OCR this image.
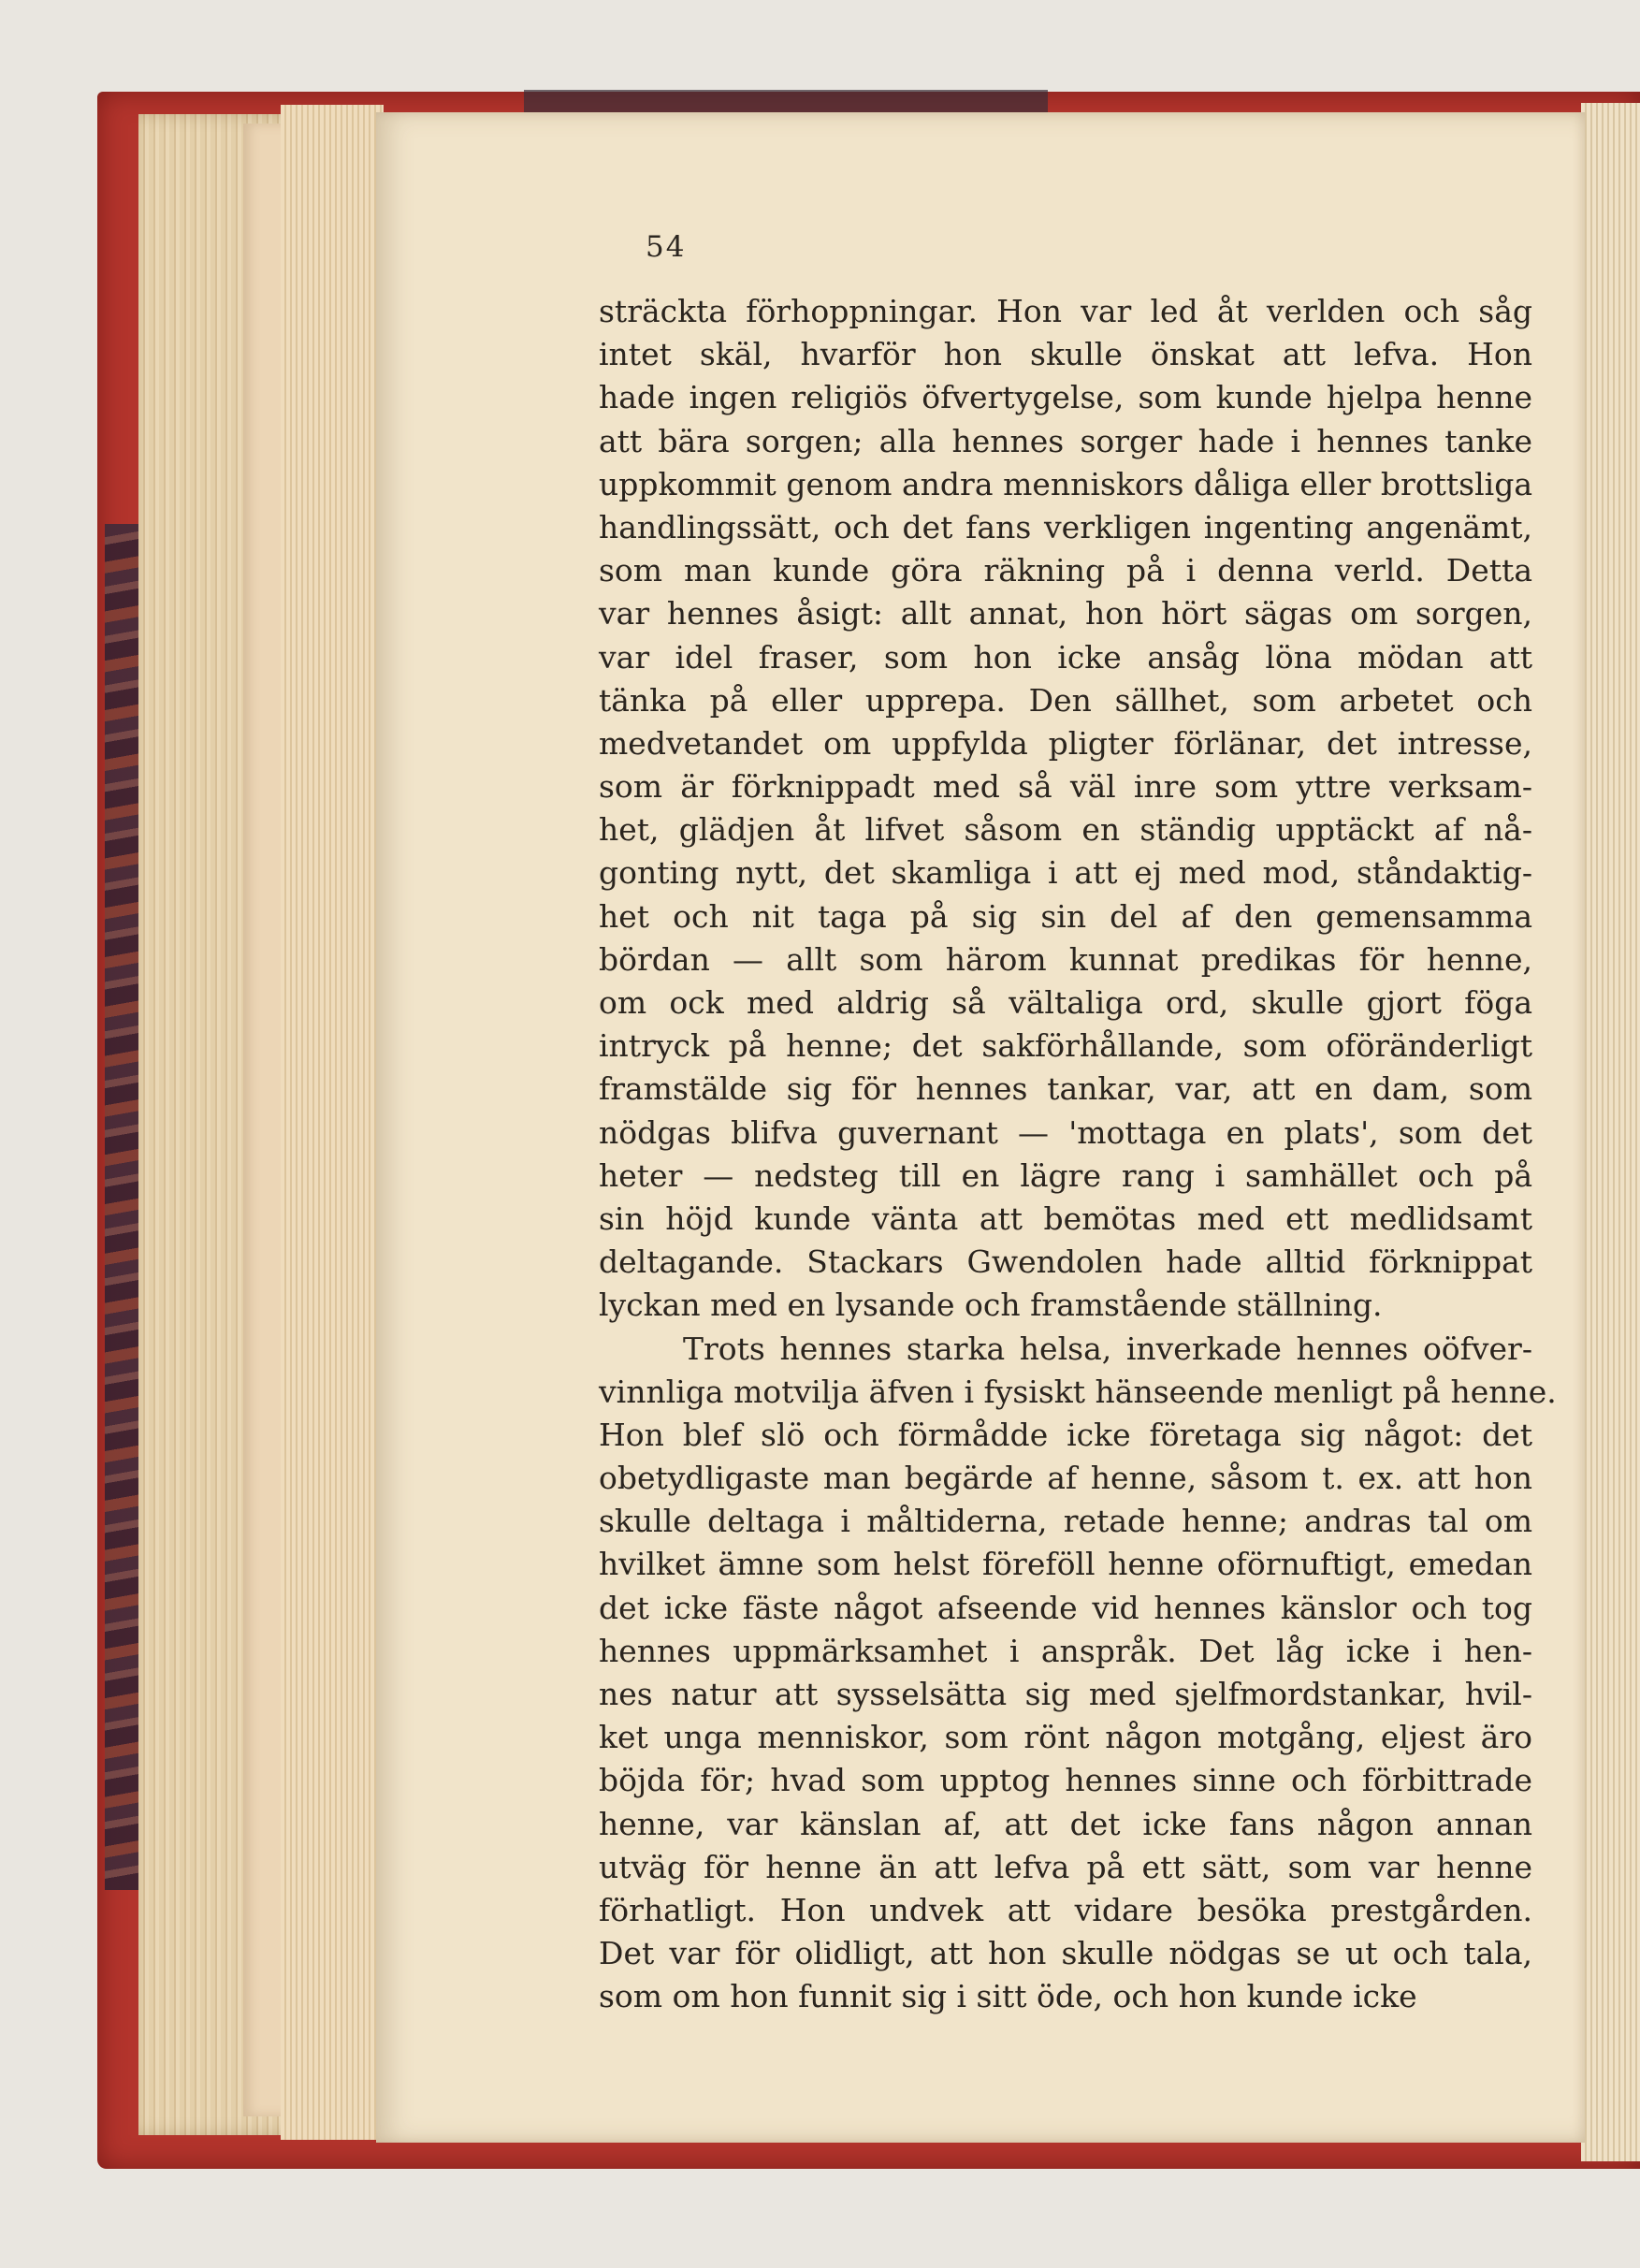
54
sträckta förhoppningar. Hon var led åt verlden och såg
intet skäl, hvarför hon skulle önskat att lefva. Hon
hade ingen religiös öfvertygelse, som kunde hjelpa henne
att bära sorgen; alla hennes sorger hade i hennes tanke
uppkommit genom andra menniskors dåliga eller brottsliga
handlingssätt, och det fans verkligen ingenting angenämt,
som man kunde göra räkning på i denna verld. Detta
var hennes åsigt: allt annat, hon hört sägas om sorgen,
var idel fraser, som hon icke ansåg löna mödan att
tänka på eller upprepa. Den sällhet, som arbetet och
medvetandet om uppfylda pligter förlänar, det intresse,
som är förknippadt med så väl inre som yttre verksam-
het, glädjen åt lifvet såsom en ständig upptäckt af nå-
gonting nytt, det skamliga i att ej med mod, ståndaktig-
het och nit taga på sig sin del af den gemensamma
bördan — allt som härom kunnat predikas för henne,
om ock med aldrig så vältaliga ord, skulle gjort föga
intryck på henne; det sakförhållande, som oföränderligt
framstälde sig för hennes tankar, var, att en dam, som
nödgas blifva guvernant — 'mottaga en plats', som det
heter — nedsteg till en lägre rang i samhället och på
sin höjd kunde vänta att bemötas med ett medlidsamt
deltagande. Stackars Gwendolen hade alltid förknippat
lyckan med en lysande och framstående ställning.
Trots hennes starka helsa, inverkade hennes oöfver-
vinnliga motvilja äfven i fysiskt hänseende menligt på henne.
Hon blef slö och förmådde icke företaga sig något: det
obetydligaste man begärde af henne, såsom t. ex. att hon
skulle deltaga i måltiderna, retade henne; andras tal om
hvilket ämne som helst föreföll henne oförnuftigt, emedan
det icke fäste något afseende vid hennes känslor och tog
hennes uppmärksamhet i anspråk. Det låg icke i hen-
nes natur att sysselsätta sig med sjelfmordstankar, hvil-
ket unga menniskor, som rönt någon motgång, eljest äro
böjda för; hvad som upptog hennes sinne och förbittrade
henne, var känslan af, att det icke fans någon annan
utväg för henne än att lefva på ett sätt, som var henne
förhatligt. Hon undvek att vidare besöka prestgården.
Det var för olidligt, att hon skulle nödgas se ut och tala,
som om hon funnit sig i sitt öde, och hon kunde icke
